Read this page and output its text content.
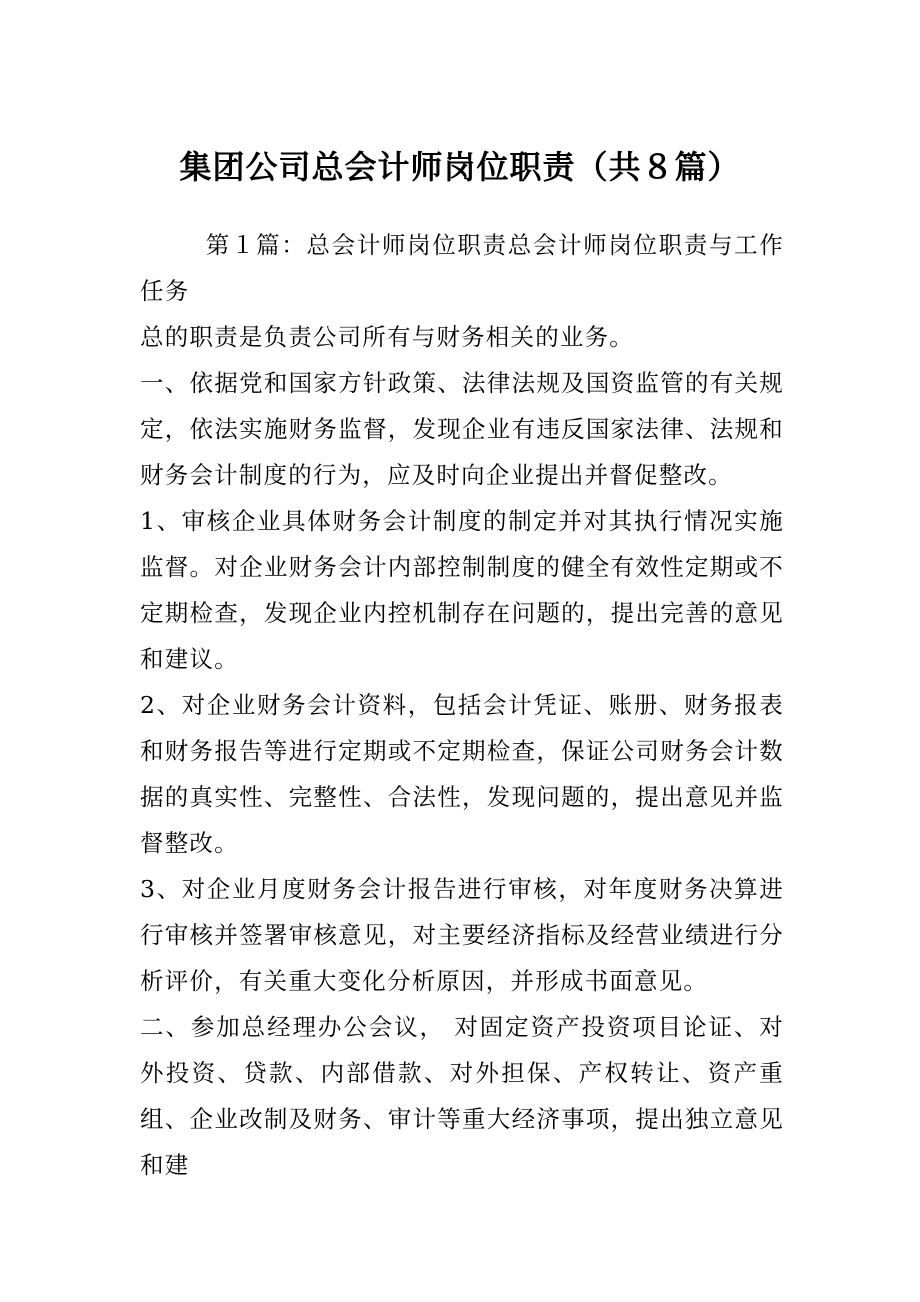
集团公司总会计师岗位职责（共８篇）

第１篇：总会计师岗位职责总会计师岗位职责与工作任务

总的职责是负责公司所有与财务相关的业务。

一、依据党和国家方针政策、法律法规及国资监管的有关规定，依法实施财务监督，发现企业有违反国家法律、法规和财务会计制度的行为，应及时向企业提出并督促整改。

1、审核企业具体财务会计制度的制定并对其执行情况实施监督。对企业财务会计内部控制制度的健全有效性定期或不定期检查，发现企业内控机制存在问题的，提出完善的意见和建议。

2、对企业财务会计资料，包括会计凭证、账册、财务报表和财务报告等进行定期或不定期检查，保证公司财务会计数据的真实性、完整性、合法性，发现问题的，提出意见并监督整改。

3、对企业月度财务会计报告进行审核，对年度财务决算进行审核并签署审核意见，对主要经济指标及经营业绩进行分析评价，有关重大变化分析原因，并形成书面意见。

二、参加总经理办公会议， 对固定资产投资项目论证、对外投资、贷款、内部借款、对外担保、产权转让、资产重组、企业改制及财务、审计等重大经济事项，提出独立意见和建
